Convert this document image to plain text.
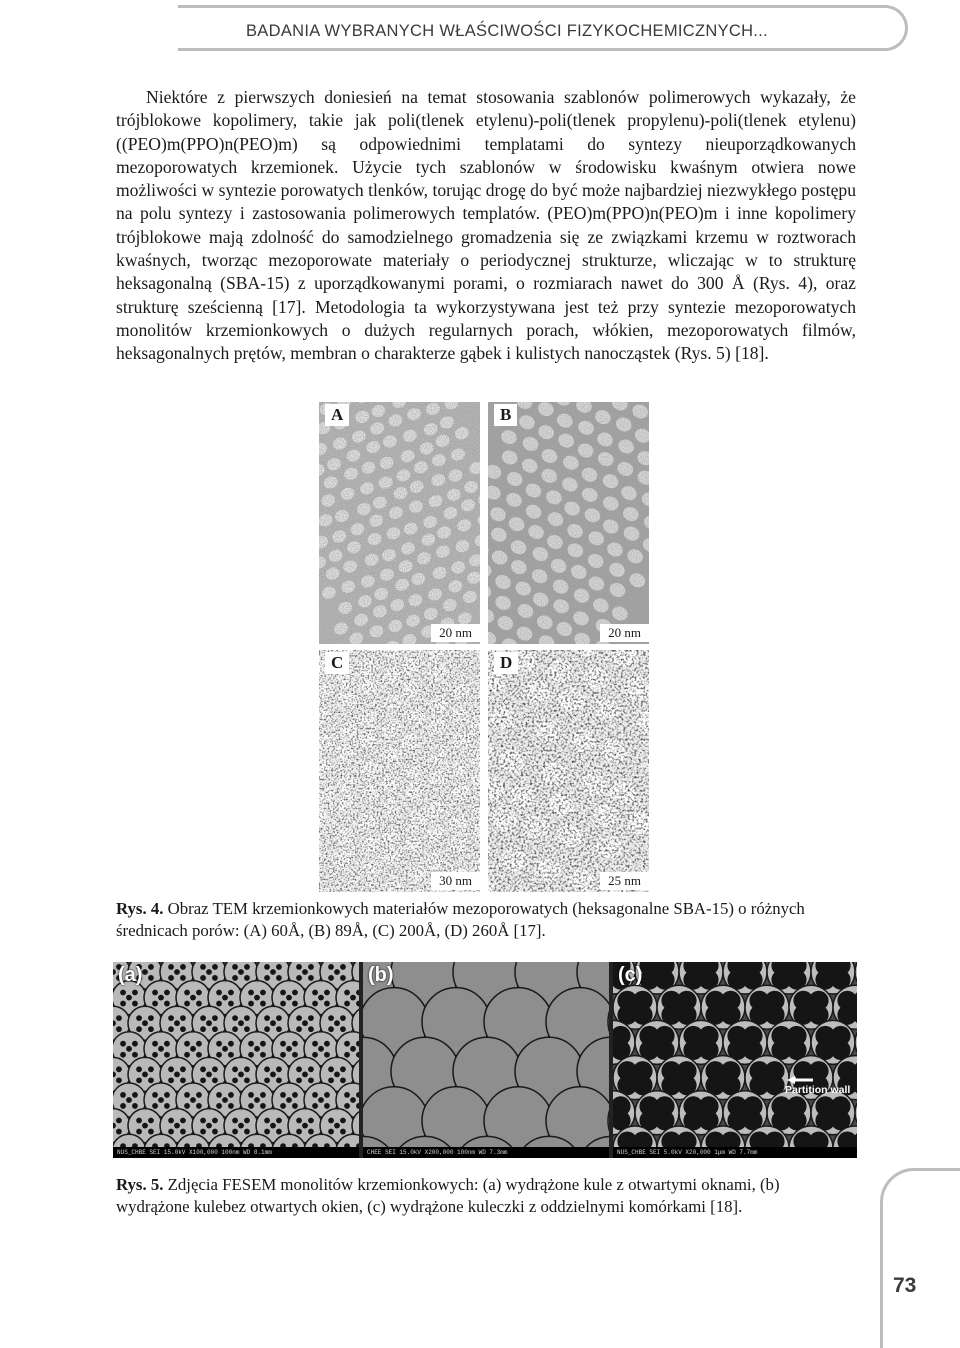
BADANIA WYBRANYCH WŁAŚCIWOŚCI FIZYKOCHEMICZNYCH...

Niektóre z pierwszych doniesień na temat stosowania szablonów polimerowych wykazały, że trójblokowe kopolimery, takie jak poli(tlenek etylenu)-poli(tlenek propylenu)-poli(tlenek etylenu) ((PEO)m(PPO)n(PEO)m) są odpowiednimi templatami do syntezy nieuporządkowanych mezoporowatych krzemionek. Użycie tych szablonów w środowisku kwaśnym otwiera nowe możliwości w syntezie porowatych tlenków, torując drogę do być może najbardziej niezwykłego postępu na polu syntezy i zastosowania polimerowych templatów. (PEO)m(PPO)n(PEO)m i inne kopolimery trójblokowe mają zdolność do samodzielnego gromadzenia się ze związkami krzemu w roztworach kwaśnych, tworząc mezoporowate materiały o periodycznej strukturze, wliczając w to strukturę heksagonalną (SBA-15) z uporządkowanymi porami, o rozmiarach nawet do 300 Å (Rys. 4), oraz strukturę sześcienną [17]. Metodologia ta wykorzystywana jest też przy syntezie mezoporowatych monolitów krzemionkowych o dużych regularnych porach, włókien, mezoporowatych filmów, heksagonalnych prętów, membran o charakterze gąbek i kulistych nanocząstek (Rys. 5) [18].

A
20 nm
B
20 nm
C
30 nm
D
25 nm
Rys. 4. Obraz TEM krzemionkowych materiałów mezoporowatych (heksagonalne SBA-15) o różnych średnicach porów: (A) 60Å, (B) 89Å, (C) 200Å, (D) 260Å [17].
(a)
NUS_CHBE SEI 15.0kV X100,000 100nm WD 8.1mm
(b)
CHEE SEI 15.0kV X200,000 100nm WD 7.3mm
(c)
Partition wall
NUS_CHBE SEI 5.0kV X20,000 1μm WD 7.7mm
Rys. 5. Zdjęcia FESEM monolitów krzemionkowych: (a) wydrążone kule z otwartymi oknami, (b) wydrążone kulebez otwartych okien, (c) wydrążone kuleczki z oddzielnymi komórkami [18].
73
